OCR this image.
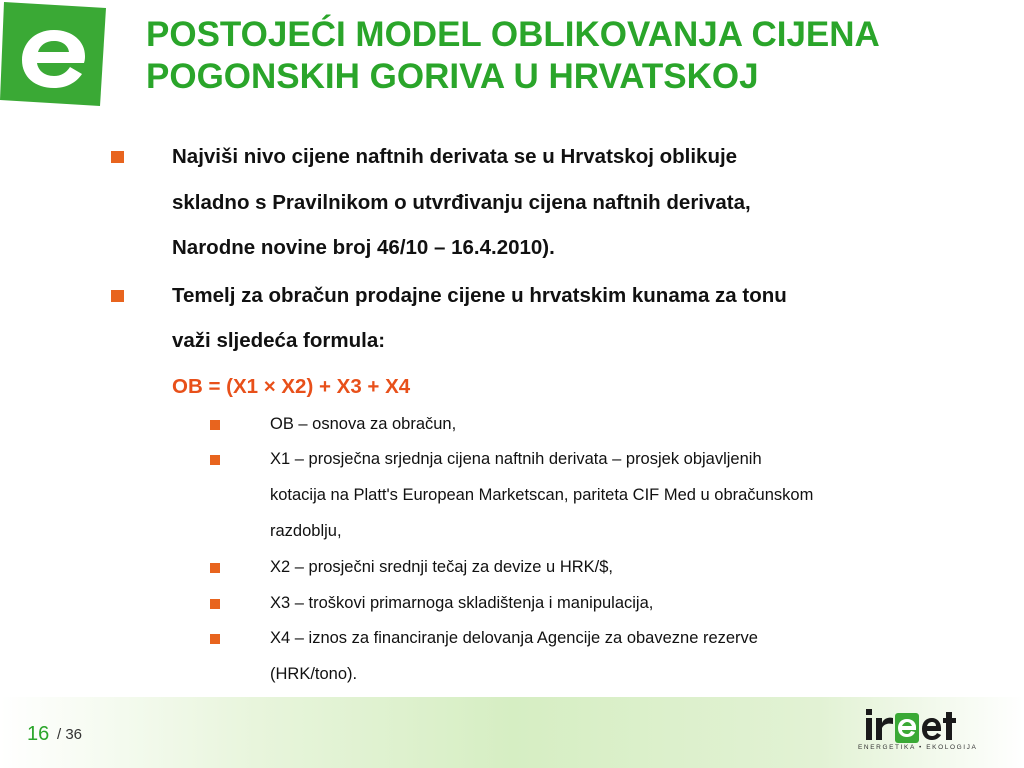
POSTOJEĆI MODEL OBLIKOVANJA CIJENA
POGONSKIH GORIVA U HRVATSKOJ
Najviši nivo cijene naftnih derivata se u Hrvatskoj oblikuje
skladno s Pravilnikom o utvrđivanju cijena naftnih derivata,
Narodne novine broj 46/10 – 16.4.2010).
Temelj za obračun prodajne cijene u hrvatskim kunama za tonu
važi sljedeća formula:
OB = (X1 × X2) + X3 + X4
OB – osnova za obračun,
X1 – prosječna srjednja cijena naftnih derivata – prosjek objavljenih
kotacija na Platt's European Marketscan, pariteta CIF Med u obračunskom
razdoblju,
X2 – prosječni srednji tečaj za devize u HRK/$,
X3 – troškovi primarnoga skladištenja i manipulacija,
X4 – iznos za financiranje delovanja Agencije za obavezne rezerve
(HRK/tono).
16 / 36
ENERGETIKA • EKOLOGIJA
